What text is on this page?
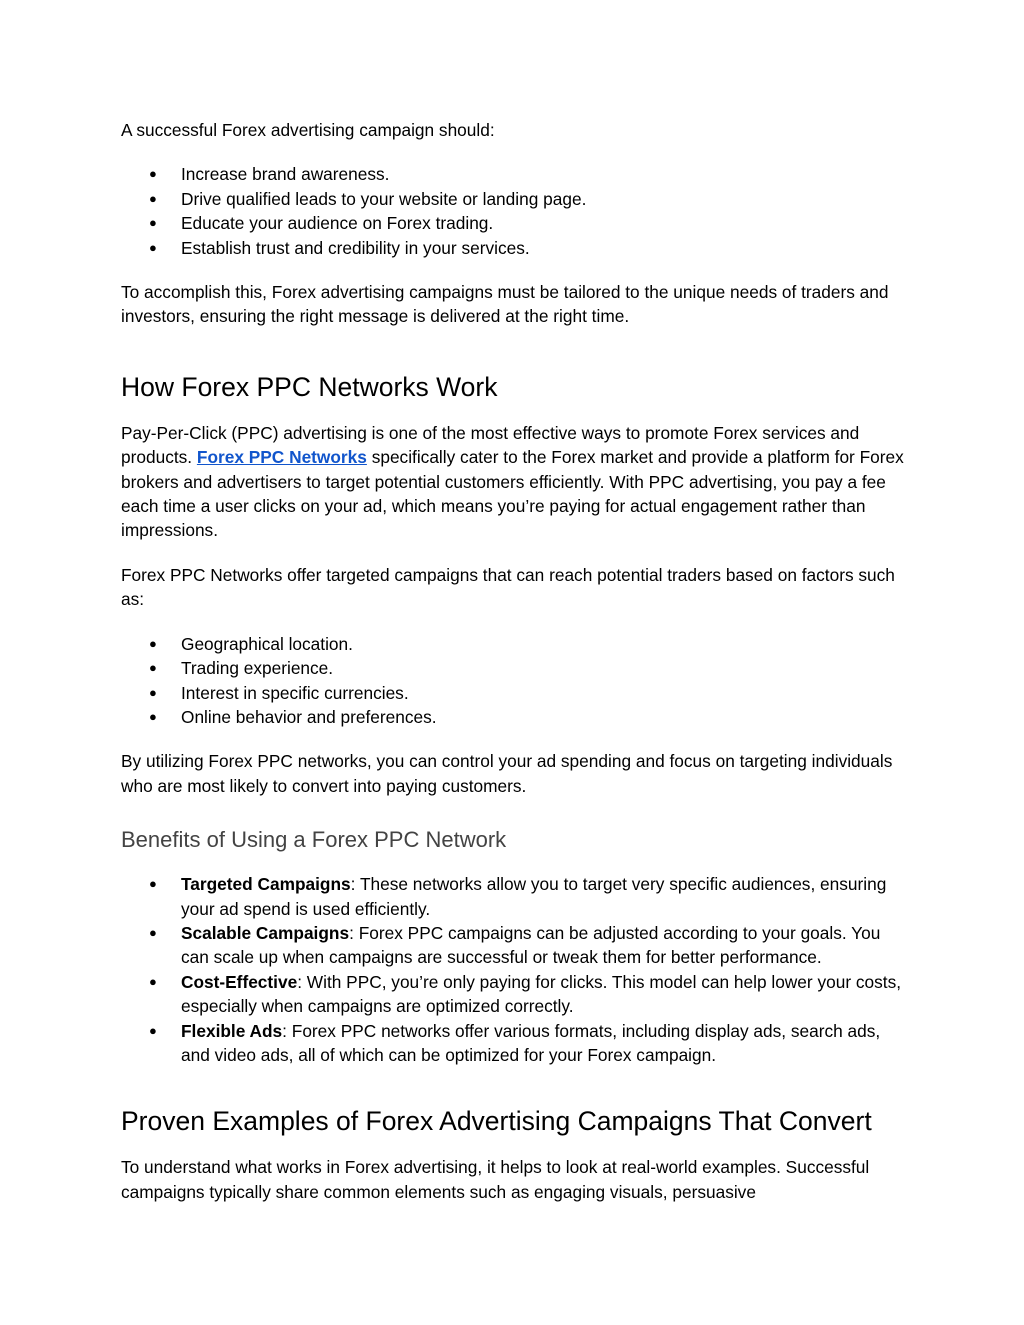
A successful Forex advertising campaign should:

● Increase brand awareness.
● Drive qualified leads to your website or landing page.
● Educate your audience on Forex trading.
● Establish trust and credibility in your services.

To accomplish this, Forex advertising campaigns must be tailored to the unique needs of traders and investors, ensuring the right message is delivered at the right time.

How Forex PPC Networks Work

Pay-Per-Click (PPC) advertising is one of the most effective ways to promote Forex services and products. Forex PPC Networks specifically cater to the Forex market and provide a platform for Forex brokers and advertisers to target potential customers efficiently. With PPC advertising, you pay a fee each time a user clicks on your ad, which means you’re paying for actual engagement rather than impressions.

Forex PPC Networks offer targeted campaigns that can reach potential traders based on factors such as:

● Geographical location.
● Trading experience.
● Interest in specific currencies.
● Online behavior and preferences.

By utilizing Forex PPC networks, you can control your ad spending and focus on targeting individuals who are most likely to convert into paying customers.

Benefits of Using a Forex PPC Network
● Targeted Campaigns: These networks allow you to target very specific audiences, ensuring your ad spend is used efficiently.
● Scalable Campaigns: Forex PPC campaigns can be adjusted according to your goals. You can scale up when campaigns are successful or tweak them for better performance.
● Cost-Effective: With PPC, you’re only paying for clicks. This model can help lower your costs, especially when campaigns are optimized correctly.
● Flexible Ads: Forex PPC networks offer various formats, including display ads, search ads, and video ads, all of which can be optimized for your Forex campaign.
Proven Examples of Forex Advertising Campaigns That Convert

To understand what works in Forex advertising, it helps to look at real-world examples. Successful campaigns typically share common elements such as engaging visuals, persuasive
